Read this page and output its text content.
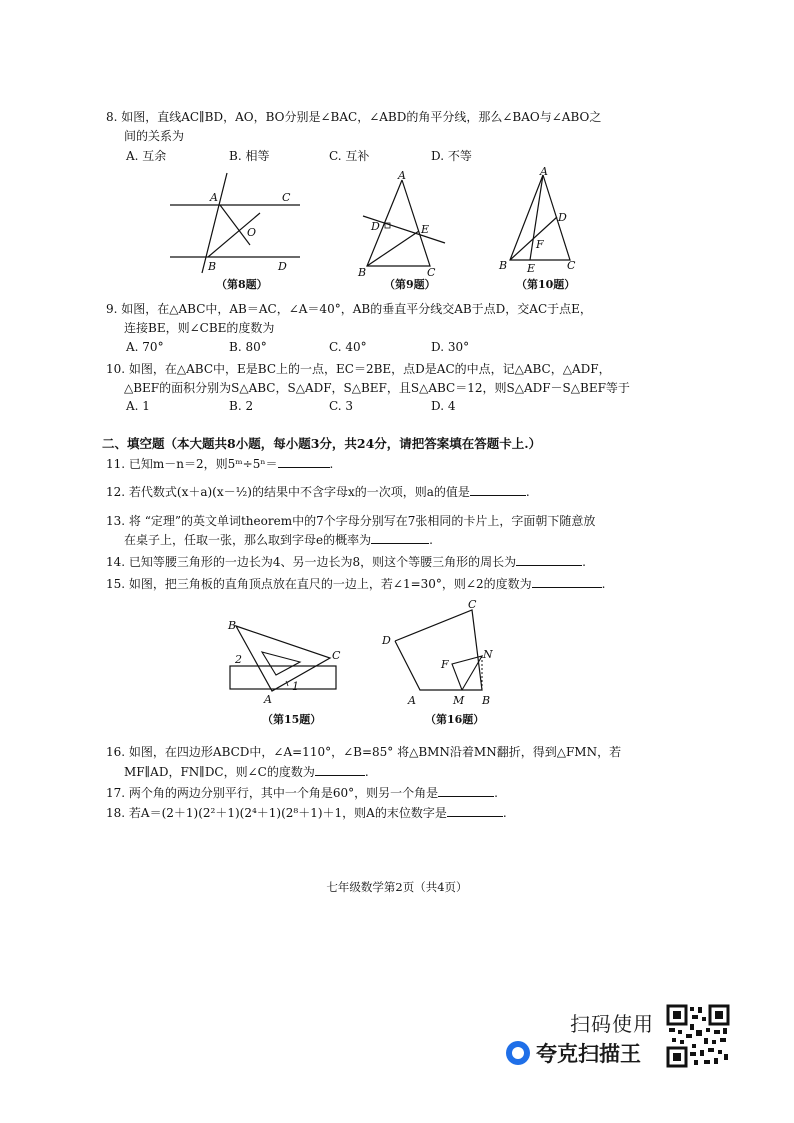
8. 如图，直线AC∥BD，AO，BO分别是∠BAC，∠ABD的角平分线，那么∠BAO与∠ABO之
间的关系为
A. 互余	B. 相等	C. 互补	D. 不等
A	C
O
B	D
（第8题）
A
D	E
B	C
（第9题）
A
D
F
B E	C
（第10题）
9. 如图，在△ABC中，AB＝AC，∠A＝40°，AB的垂直平分线交AB于点D，交AC于点E，
连接BE，则∠CBE的度数为
A. 70°	B. 80°	C. 40°	D. 30°
10. 如图，在△ABC中，E是BC上的一点，EC＝2BE，点D是AC的中点，记△ABC，△ADF，
△BEF的面积分别为S△ABC，S△ADF，S△BEF，且S△ABC＝12，则S△ADF－S△BEF等于
A. 1	B. 2	C. 3	D. 4
二、填空题（本大题共8小题，每小题3分，共24分，请把答案填在答题卡上.）
11. 已知m－n＝2，则5ᵐ÷5ⁿ＝	.
12. 若代数式(x＋a)(x－½)的结果中不含字母x的一次项，则a的值是	.
13. 将 “定理”的英文单词theorem中的7个字母分别写在7张相同的卡片上，字面朝下随意放
在桌子上，任取一张，那么取到字母e的概率为	.
14. 已知等腰三角形的一边长为4、另一边长为8，则这个等腰三角形的周长为	.
15. 如图，把三角板的直角顶点放在直尺的一边上，若∠1=30°，则∠2的度数为	.
B
2	C
A
1
（第15题）
C
D
F
N
A	M B
（第16题）
16. 如图，在四边形ABCD中，∠A=110°，∠B=85° 将△BMN沿着MN翻折，得到△FMN，若
MF∥AD，FN∥DC，则∠C的度数为	.
17. 两个角的两边分别平行，其中一个角是60°，则另一个角是	.
18. 若A＝(2＋1)(2²＋1)(2⁴＋1)(2⁸＋1)＋1，则A的末位数字是	.
七年级数学第2页（共4页）
扫码使用
夸克扫描王
